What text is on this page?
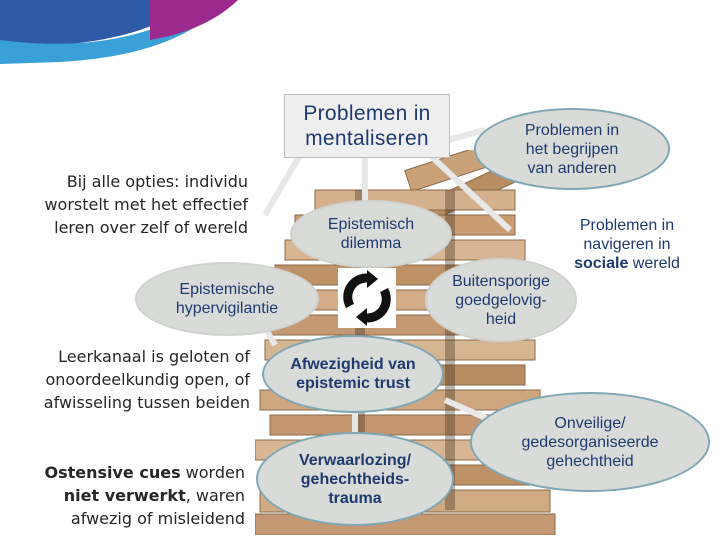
Problemen in mentaliseren
Bij alle opties: individu worstelt met het effectief leren over zelf of wereld
Leerkanaal is geloten of onoordeelkundig open, of afwisseling tussen beiden
Ostensive cues worden niet verwerkt, waren afwezig of misleidend
Problemen in het begrijpen van anderen
Problemen in navigeren in
sociale wereld
Epistemisch dilemma
Epistemische hypervigilantie
Buitensporige goedgelovig-heid
Afwezigheid van epistemic trust
Verwaarlozing/ gehechtheids-trauma
Onveilige/ gedesorganiseerde gehechtheid
